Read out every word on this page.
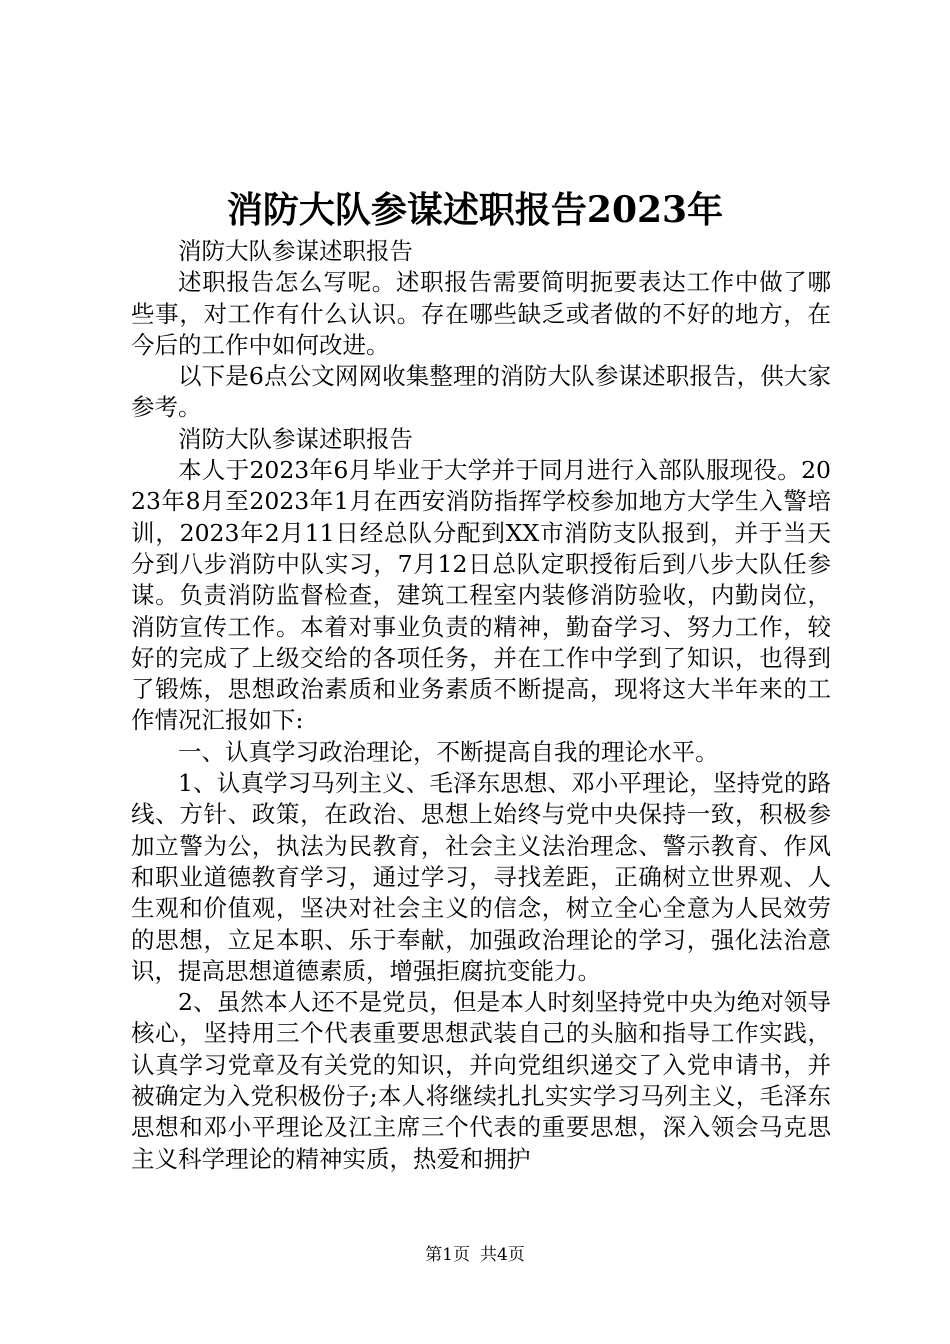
消防大队参谋述职报告2023年

消防大队参谋述职报告

述职报告怎么写呢。述职报告需要简明扼要表达工作中做了哪些事，对工作有什么认识。存在哪些缺乏或者做的不好的地方，在今后的工作中如何改进。

以下是6点公文网网收集整理的消防大队参谋述职报告，供大家参考。

消防大队参谋述职报告

本人于2023年6月毕业于大学并于同月进行入部队服现役。2023年8月至2023年1月在西安消防指挥学校参加地方大学生入警培训，2023年2月11日经总队分配到XX市消防支队报到，并于当天分到八步消防中队实习，7月12日总队定职授衔后到八步大队任参谋。负责消防监督检查，建筑工程室内装修消防验收，内勤岗位，消防宣传工作。本着对事业负责的精神，勤奋学习、努力工作，较好的完成了上级交给的各项任务，并在工作中学到了知识，也得到了锻炼，思想政治素质和业务素质不断提高，现将这大半年来的工作情况汇报如下:

一、认真学习政治理论，不断提高自我的理论水平。

1、认真学习马列主义、毛泽东思想、邓小平理论，坚持党的路线、方针、政策，在政治、思想上始终与党中央保持一致，积极参加立警为公，执法为民教育，社会主义法治理念、警示教育、作风和职业道德教育学习，通过学习，寻找差距，正确树立世界观、人生观和价值观，坚决对社会主义的信念，树立全心全意为人民效劳的思想，立足本职、乐于奉献，加强政治理论的学习，强化法治意识，提高思想道德素质，增强拒腐抗变能力。

2、虽然本人还不是党员，但是本人时刻坚持党中央为绝对领导核心，坚持用三个代表重要思想武装自己的头脑和指导工作实践，认真学习党章及有关党的知识，并向党组织递交了入党申请书，并被确定为入党积极份子;本人将继续扎扎实实学习马列主义，毛泽东思想和邓小平理论及江主席三个代表的重要思想，深入领会马克思主义科学理论的精神实质，热爱和拥护

第1页 共4页
